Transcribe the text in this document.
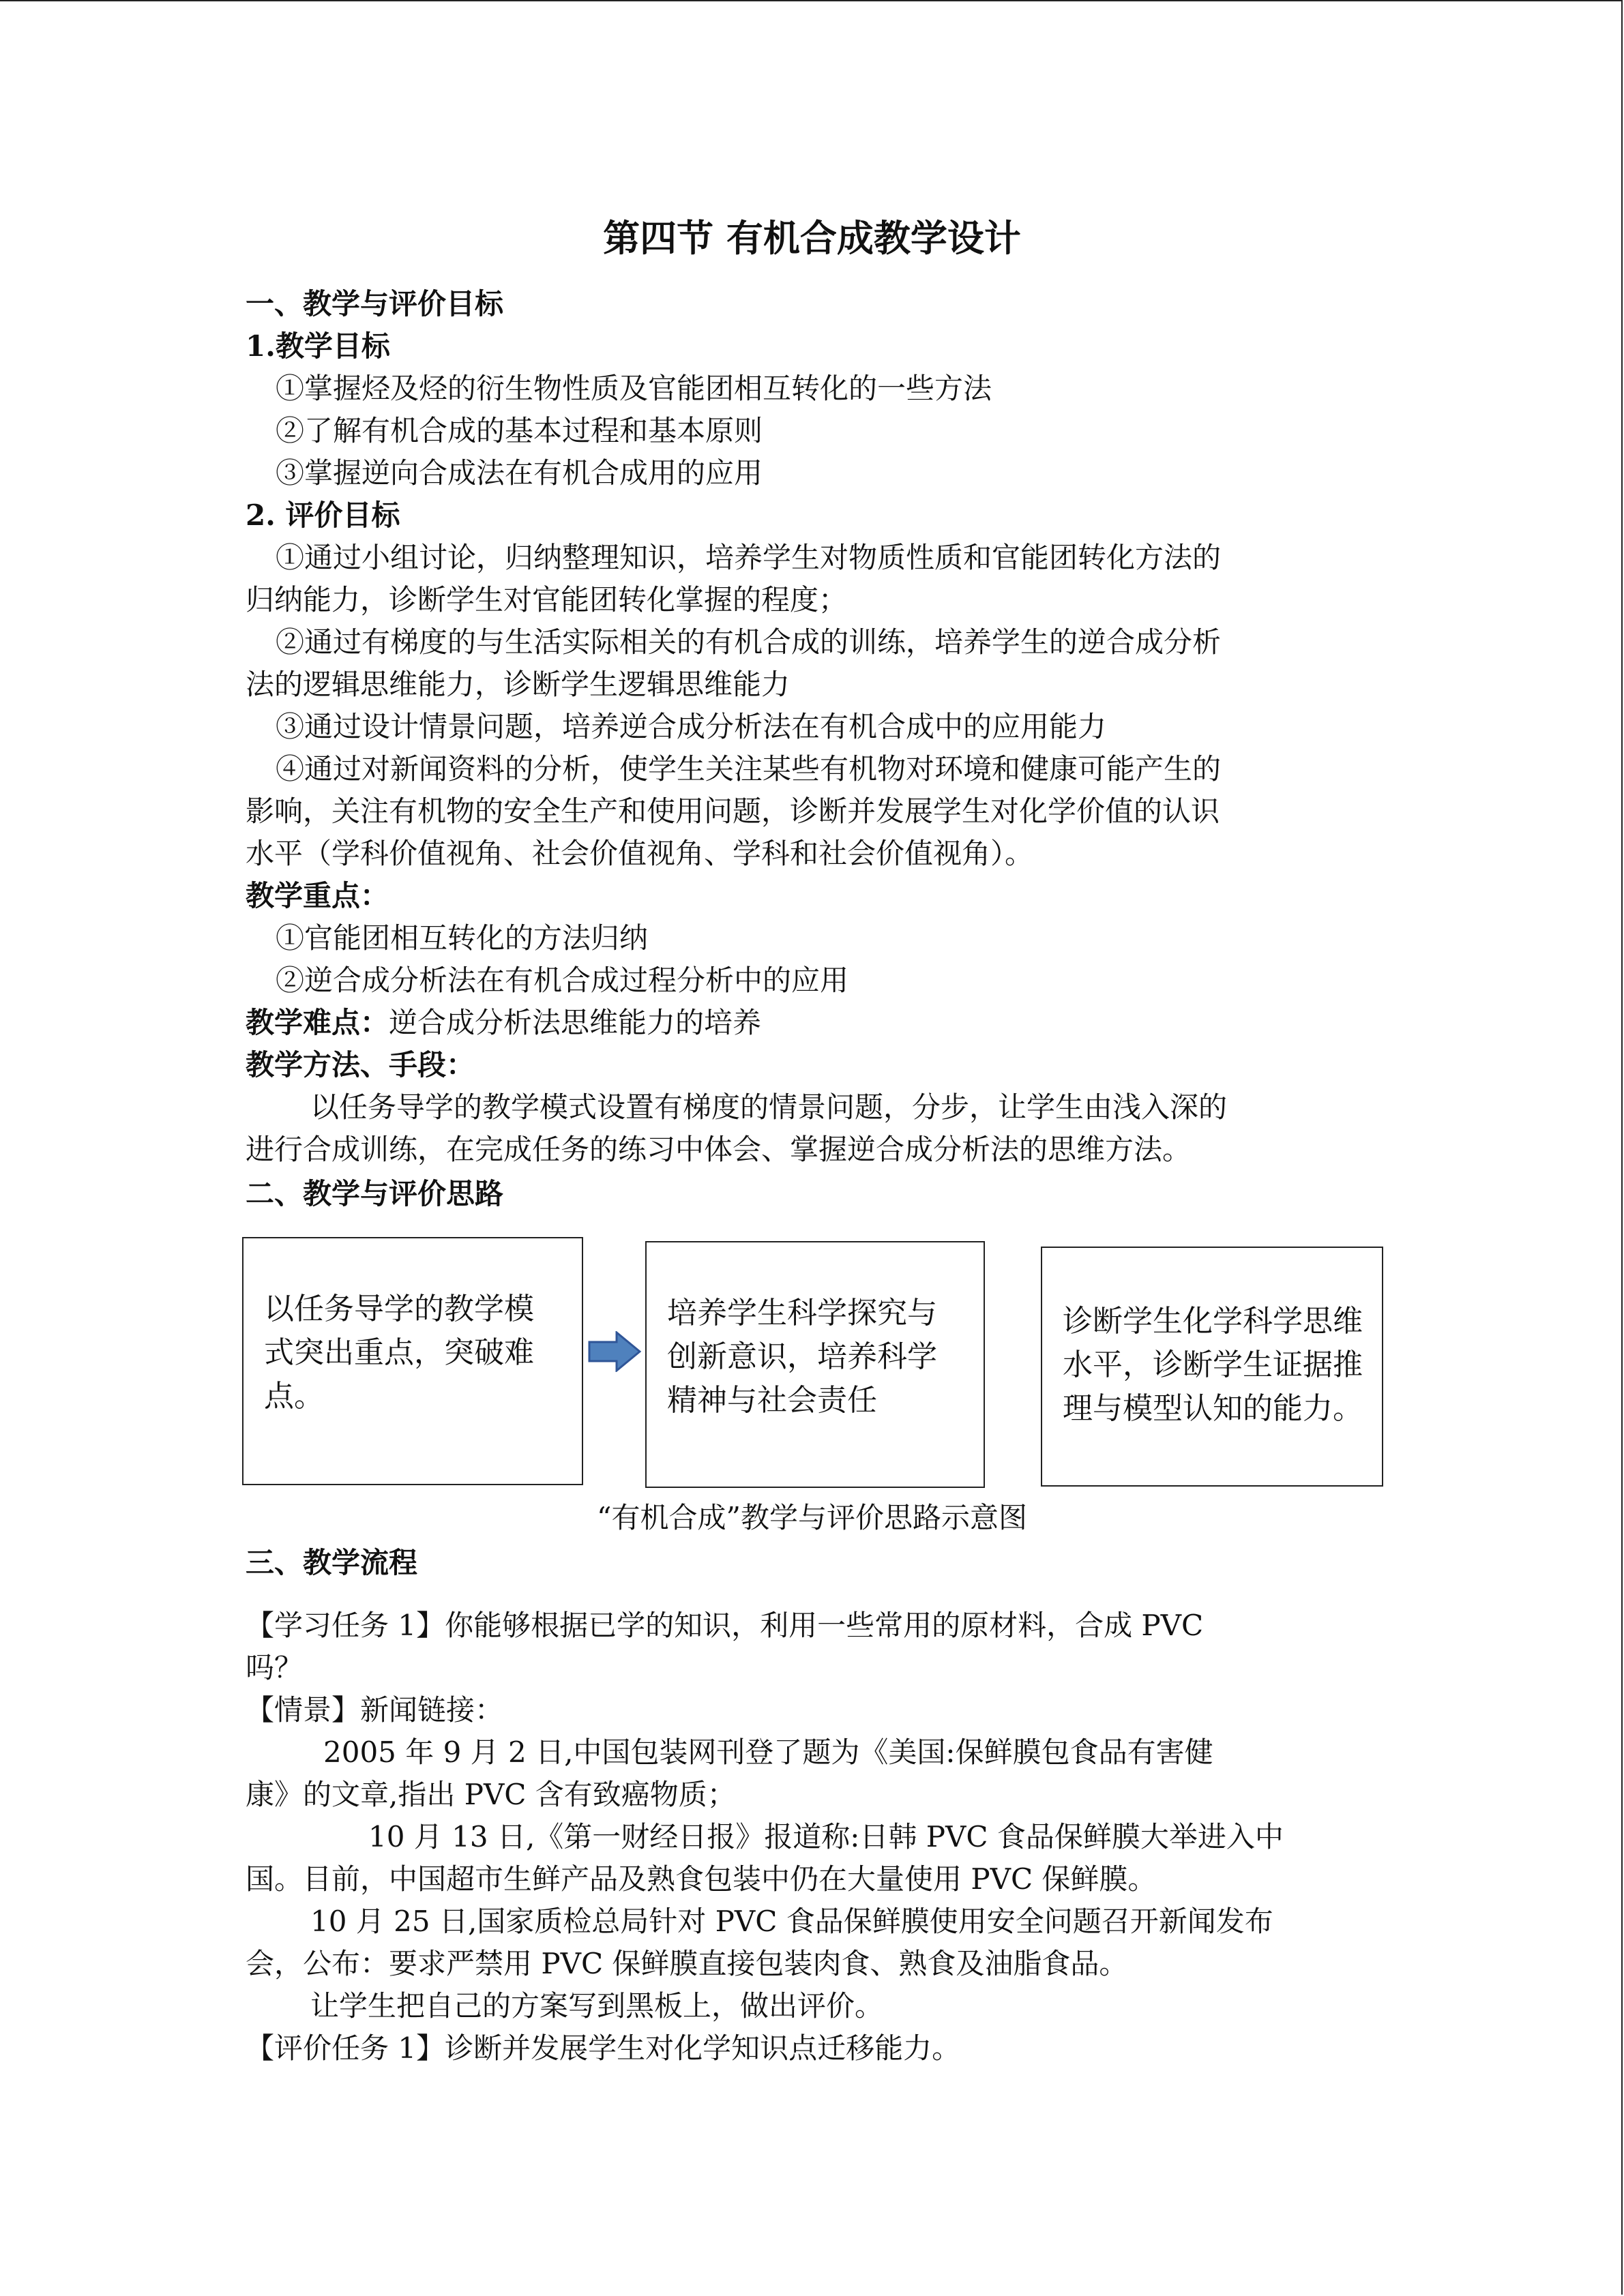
第四节 有机合成教学设计
一、教学与评价目标
1.教学目标
①掌握烃及烃的衍生物性质及官能团相互转化的一些方法
②了解有机合成的基本过程和基本原则
③掌握逆向合成法在有机合成用的应用
2. 评价目标
①通过小组讨论，归纳整理知识，培养学生对物质性质和官能团转化方法的
归纳能力，诊断学生对官能团转化掌握的程度；
②通过有梯度的与生活实际相关的有机合成的训练，培养学生的逆合成分析
法的逻辑思维能力，诊断学生逻辑思维能力
③通过设计情景问题，培养逆合成分析法在有机合成中的应用能力
④通过对新闻资料的分析，使学生关注某些有机物对环境和健康可能产生的
影响，关注有机物的安全生产和使用问题，诊断并发展学生对化学价值的认识
水平（学科价值视角、社会价值视角、学科和社会价值视角）。
教学重点：
①官能团相互转化的方法归纳
②逆合成分析法在有机合成过程分析中的应用
教学难点：逆合成分析法思维能力的培养
教学方法、手段：
以任务导学的教学模式设置有梯度的情景问题，分步，让学生由浅入深的
进行合成训练，在完成任务的练习中体会、掌握逆合成分析法的思维方法。
二、教学与评价思路
以任务导学的教学模式突出重点，突破难点。
培养学生科学探究与创新意识，培养科学精神与社会责任
诊断学生化学科学思维水平，诊断学生证据推理与模型认知的能力。
“有机合成”教学与评价思路示意图
三、教学流程
【学习任务 1】你能够根据已学的知识，利用一些常用的原材料，合成 PVC
吗？
【情景】新闻链接：
2005 年 9 月 2 日,中国包装网刊登了题为《美国:保鲜膜包食品有害健
康》的文章,指出 PVC 含有致癌物质；
10 月 13 日,《第一财经日报》报道称:日韩 PVC 食品保鲜膜大举进入中
国。目前，中国超市生鲜产品及熟食包装中仍在大量使用 PVC 保鲜膜。
10 月 25 日,国家质检总局针对 PVC 食品保鲜膜使用安全问题召开新闻发布
会，公布：要求严禁用 PVC 保鲜膜直接包装肉食、熟食及油脂食品。
让学生把自己的方案写到黑板上，做出评价。
【评价任务 1】诊断并发展学生对化学知识点迁移能力。
